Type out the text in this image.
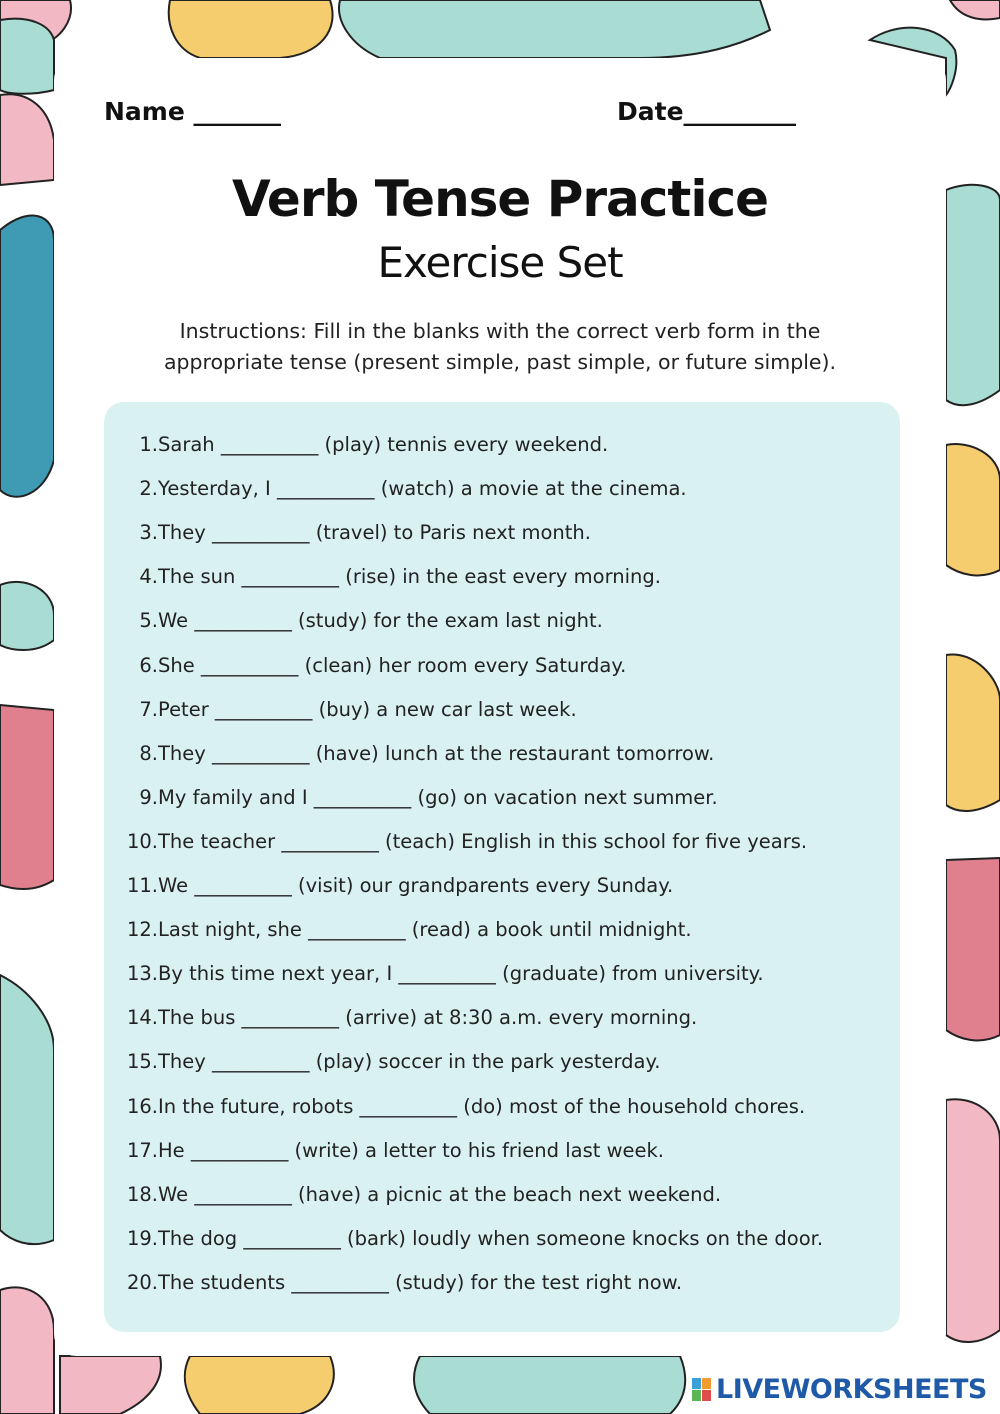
Name _______	Date_________
Verb Tense Practice
Exercise Set
Instructions: Fill in the blanks with the correct verb form in the appropriate tense (present simple, past simple, or future simple).
1. Sarah __________ (play) tennis every weekend.
2. Yesterday, I __________ (watch) a movie at the cinema.
3. They __________ (travel) to Paris next month.
4. The sun __________ (rise) in the east every morning.
5. We __________ (study) for the exam last night.
6. She __________ (clean) her room every Saturday.
7. Peter __________ (buy) a new car last week.
8. They __________ (have) lunch at the restaurant tomorrow.
9. My family and I __________ (go) on vacation next summer.
10. The teacher __________ (teach) English in this school for five years.
11. We __________ (visit) our grandparents every Sunday.
12. Last night, she __________ (read) a book until midnight.
13. By this time next year, I __________ (graduate) from university.
14. The bus __________ (arrive) at 8:30 a.m. every morning.
15. They __________ (play) soccer in the park yesterday.
16. In the future, robots __________ (do) most of the household chores.
17. He __________ (write) a letter to his friend last week.
18. We __________ (have) a picnic at the beach next weekend.
19. The dog __________ (bark) loudly when someone knocks on the door.
20. The students __________ (study) for the test right now.
LIVEWORKSHEETS
